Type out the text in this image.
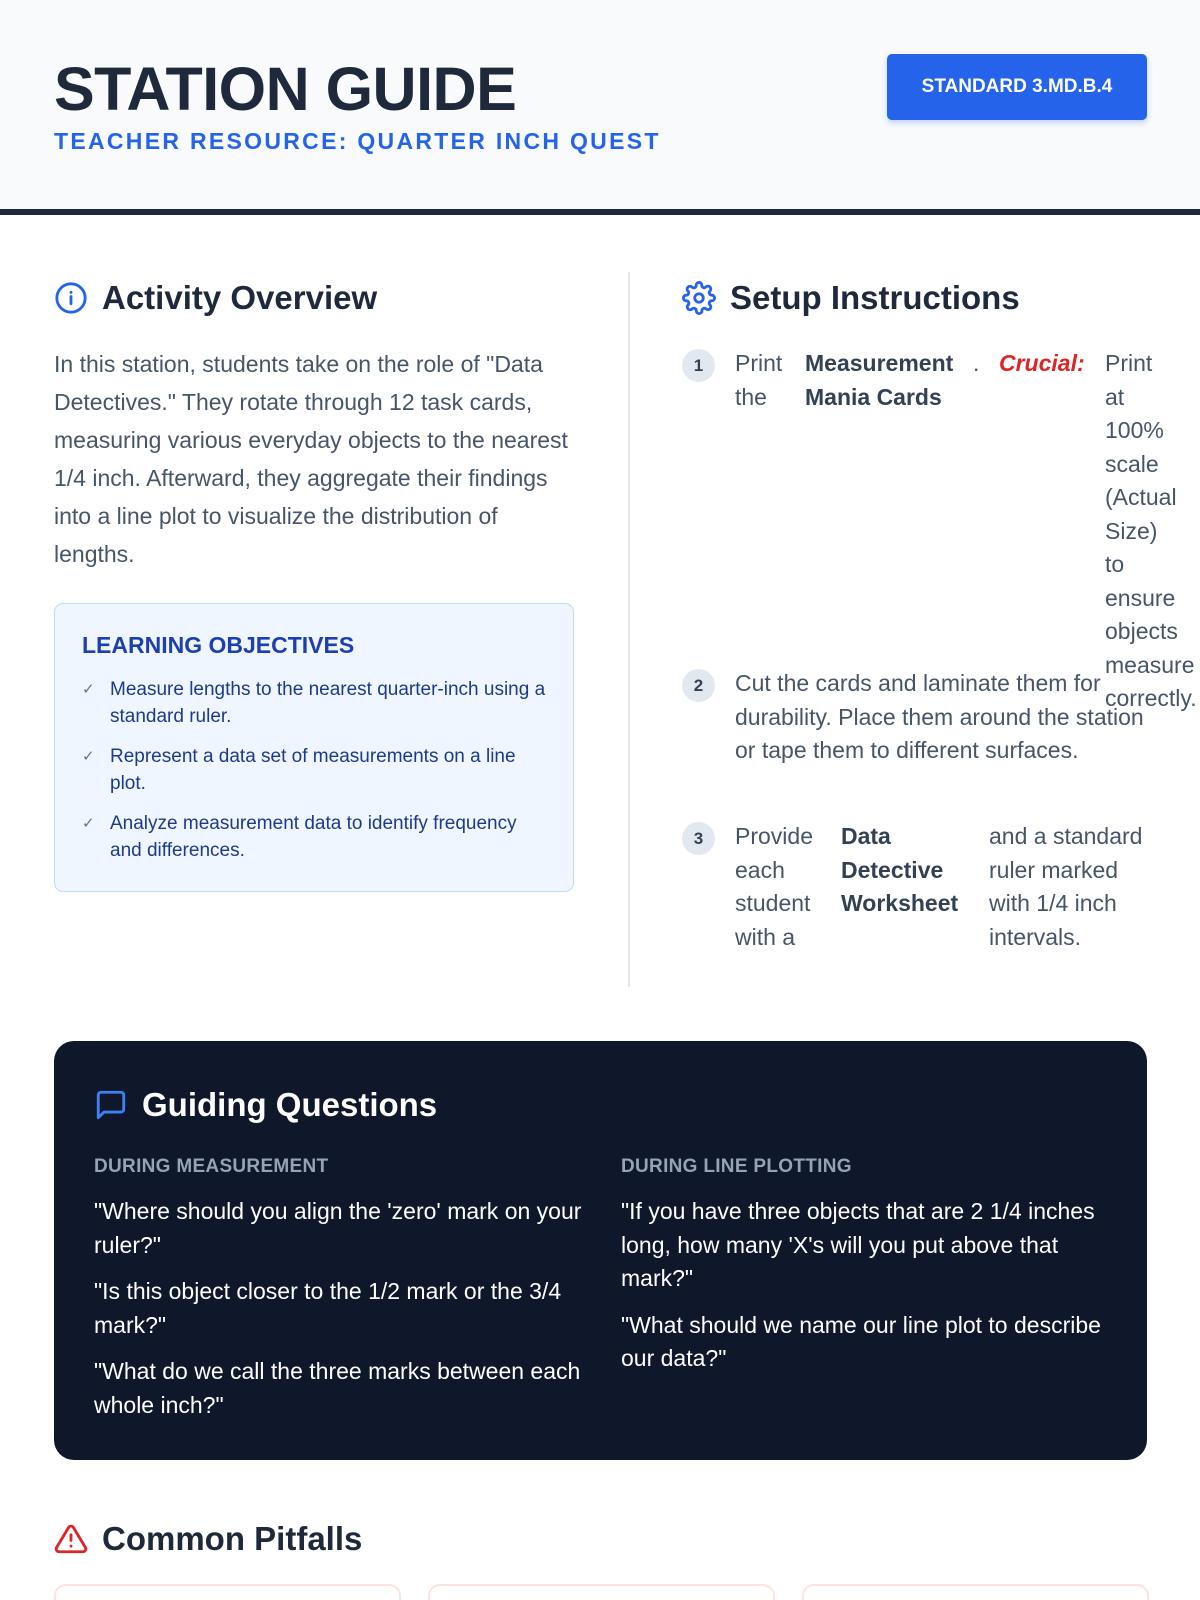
STATION GUIDE
TEACHER RESOURCE: QUARTER INCH QUEST
STANDARD 3.MD.B.4
Activity Overview

In this station, students take on the role of "Data Detectives." They rotate through 12 task cards, measuring various everyday objects to the nearest 1/4 inch. Afterward, they aggregate their findings into a line plot to visualize the distribution of lengths.

LEARNING OBJECTIVES
✓ Measure lengths to the nearest quarter-inch using a standard ruler.
✓ Represent a data set of measurements on a line plot.
✓ Analyze measurement data to identify frequency and differences.
Setup Instructions
1	Print the
Measurement Mania Cards
. Crucial: Print at 100% scale (Actual Size) to ensure objects measure correctly.
2	Cut the cards and laminate them for durability. Place them around the station or tape them to different surfaces.
3	Provide each student with a
Data Detective Worksheet
and a standard ruler marked with 1/4 inch intervals.
Guiding Questions
DURING MEASUREMENT

"Where should you align the 'zero' mark on your ruler?"

"Is this object closer to the 1/2 mark or the 3/4 mark?"

"What do we call the three marks between each whole inch?"

DURING LINE PLOTTING

"If you have three objects that are 2 1/4 inches long, how many 'X's will you put above that mark?"

"What should we name our line plot to describe our data?"

Common Pitfalls
